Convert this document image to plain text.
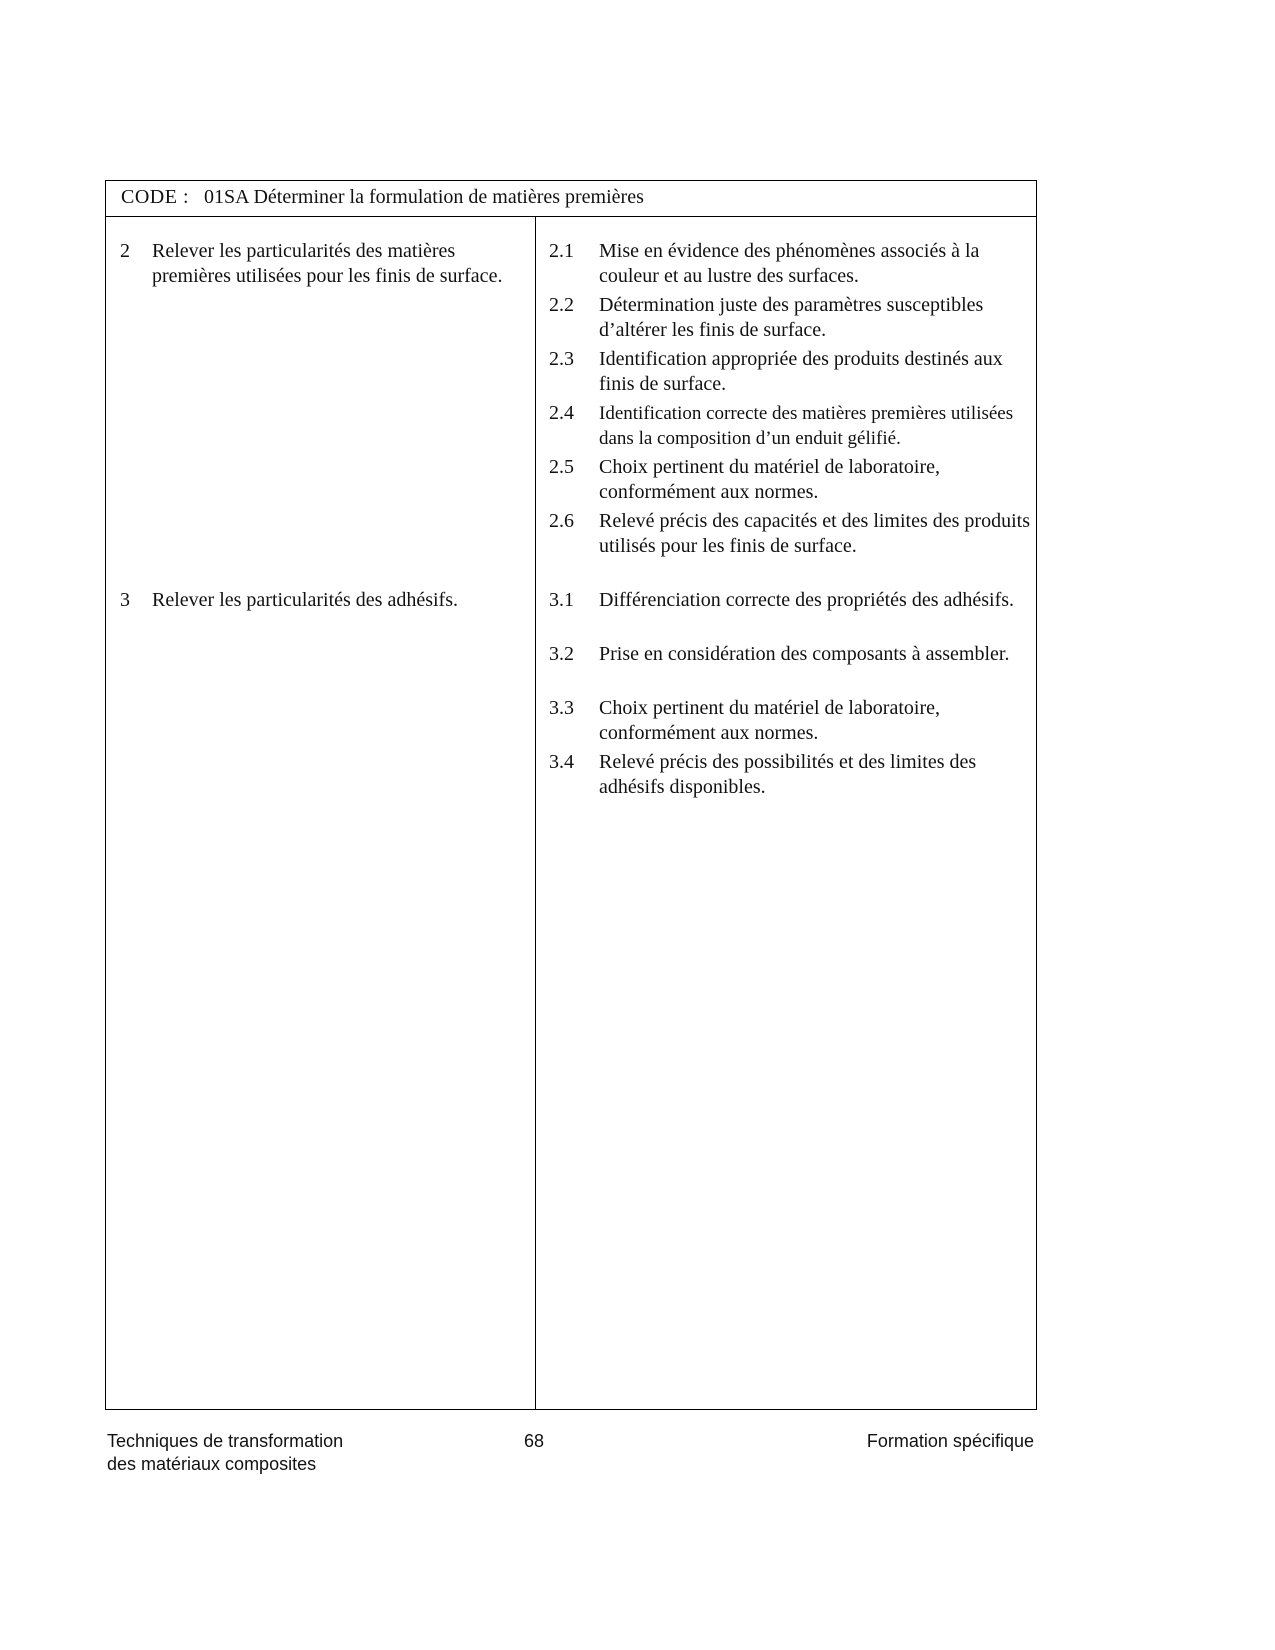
CODE : 01SA Déterminer la formulation de matières premières
2 Relever les particularités des matières premières utilisées pour les finis de surface.
3 Relever les particularités des adhésifs.
2.1 Mise en évidence des phénomènes associés à la couleur et au lustre des surfaces.
2.2 Détermination juste des paramètres susceptibles d’altérer les finis de surface.
2.3 Identification appropriée des produits destinés aux finis de surface.
2.4 Identification correcte des matières premières utilisées dans la composition d’un enduit gélifié.
2.5 Choix pertinent du matériel de laboratoire, conformément aux normes.
2.6 Relevé précis des capacités et des limites des produits utilisés pour les finis de surface.
3.1 Différenciation correcte des propriétés des adhésifs.
3.2 Prise en considération des composants à assembler.
3.3 Choix pertinent du matériel de laboratoire, conformément aux normes.
3.4 Relevé précis des possibilités et des limites des adhésifs disponibles.
Techniques de transformation
des matériaux composites
68	Formation spécifique
